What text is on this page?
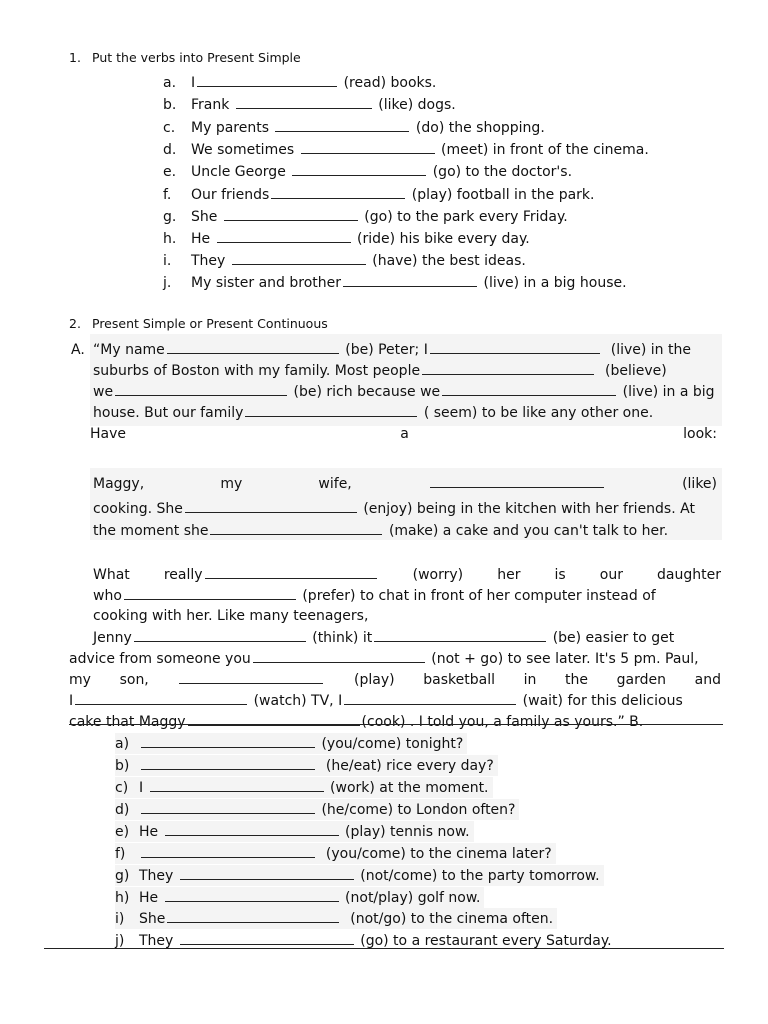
1. Put the verbs into Present Simple
a. I	(read) books.
b. Frank	(like) dogs.
c. My parents	(do) the shopping.
d. We sometimes	(meet) in front of the cinema.
e. Uncle George	(go) to the doctor's.
f. Our friends	(play) football in the park.
g. She	(go) to the park every Friday.
h. He	(ride) his bike every day.
i. They	(have) the best ideas.
j. My sister and brother	(live) in a big house.
2. Present Simple or Present Continuous
A. “My name	(be) Peter; I	(live) in the
suburbs of Boston with my family. Most people	(believe)
we	(be) rich because we	(live) in a big
house. But our family	( seem) to be like any other one.
Have	a	look:
Maggy,	my	wife,	(like)
cooking. She	(enjoy) being in the kitchen with her friends. At
the moment she	(make) a cake and you can't talk to her.
What really	(worry) her is our daughter
who	(prefer) to chat in front of her computer instead of
cooking with her. Like many teenagers,
Jenny	(think) it	(be) easier to get
advice from someone you	(not + go) to see later. It's 5 pm. Paul,
my son,	(play) basketball in the garden and
I	(watch) TV, I	(wait) for this delicious
cake that Maggy	(cook) . I told you, a family as yours.” B.
a)	(you/come) tonight?
b)	(he/eat) rice every day?
c) I	(work) at the moment.
d)	(he/come) to London often?
e) He	(play) tennis now.
f)	(you/come) to the cinema later?
g) They	(not/come) to the party tomorrow.
h) He	(not/play) golf now.
i) She	(not/go) to the cinema often.
j) They	(go) to a restaurant every Saturday.
